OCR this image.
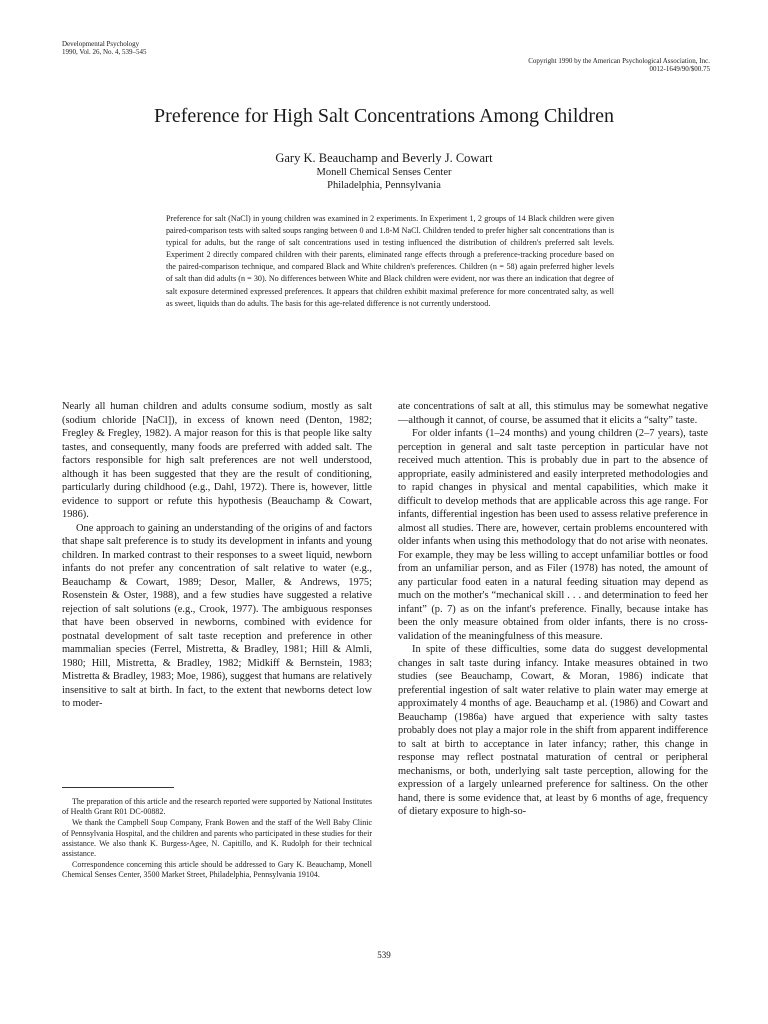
Developmental Psychology
1990, Vol. 26, No. 4, 539–545
Copyright 1990 by the American Psychological Association, Inc.
0012-1649/90/$00.75
Preference for High Salt Concentrations Among Children
Gary K. Beauchamp and Beverly J. Cowart
Monell Chemical Senses Center
Philadelphia, Pennsylvania
Preference for salt (NaCl) in young children was examined in 2 experiments. In Experiment 1, 2 groups of 14 Black children were given paired-comparison tests with salted soups ranging between 0 and 1.8-M NaCl. Children tended to prefer higher salt concentrations than is typical for adults, but the range of salt concentrations used in testing influenced the distribution of children's preferred salt levels. Experiment 2 directly compared children with their parents, eliminated range effects through a preference-tracking procedure based on the paired-comparison technique, and compared Black and White children's preferences. Children (n = 58) again preferred higher levels of salt than did adults (n = 30). No differences between White and Black children were evident, nor was there an indication that degree of salt exposure determined expressed preferences. It appears that children exhibit maximal preference for more concentrated salty, as well as sweet, liquids than do adults. The basis for this age-related difference is not currently understood.

Nearly all human children and adults consume sodium, mostly as salt (sodium chloride [NaCl]), in excess of known need (Denton, 1982; Fregley & Fregley, 1982). A major reason for this is that people like salty tastes, and consequently, many foods are preferred with added salt. The factors responsible for high salt preferences are not well understood, although it has been suggested that they are the result of conditioning, particularly during childhood (e.g., Dahl, 1972). There is, however, little evidence to support or refute this hypothesis (Beauchamp & Cowart, 1986).

One approach to gaining an understanding of the origins of and factors that shape salt preference is to study its development in infants and young children. In marked contrast to their responses to a sweet liquid, newborn infants do not prefer any concentration of salt relative to water (e.g., Beauchamp & Cowart, 1989; Desor, Maller, & Andrews, 1975; Rosenstein & Oster, 1988), and a few studies have suggested a relative rejection of salt solutions (e.g., Crook, 1977). The ambiguous responses that have been observed in newborns, combined with evidence for postnatal development of salt taste reception and preference in other mammalian species (Ferrel, Mistretta, & Bradley, 1981; Hill & Almli, 1980; Hill, Mistretta, & Bradley, 1982; Midkiff & Bernstein, 1983; Mistretta & Bradley, 1983; Moe, 1986), suggest that humans are relatively insensitive to salt at birth. In fact, to the extent that newborns detect low to moder-

ate concentrations of salt at all, this stimulus may be somewhat negative—although it cannot, of course, be assumed that it elicits a “salty” taste.

For older infants (1–24 months) and young children (2–7 years), taste perception in general and salt taste perception in particular have not received much attention. This is probably due in part to the absence of appropriate, easily administered and easily interpreted methodologies and to rapid changes in physical and mental capabilities, which make it difficult to develop methods that are applicable across this age range. For infants, differential ingestion has been used to assess relative preference in almost all studies. There are, however, certain problems encountered with older infants when using this methodology that do not arise with neonates. For example, they may be less willing to accept unfamiliar bottles or food from an unfamiliar person, and as Filer (1978) has noted, the amount of any particular food eaten in a natural feeding situation may depend as much on the mother's “mechanical skill . . . and determination to feed her infant” (p. 7) as on the infant's preference. Finally, because intake has been the only measure obtained from older infants, there is no cross-validation of the meaningfulness of this measure.

In spite of these difficulties, some data do suggest developmental changes in salt taste during infancy. Intake measures obtained in two studies (see Beauchamp, Cowart, & Moran, 1986) indicate that preferential ingestion of salt water relative to plain water may emerge at approximately 4 months of age. Beauchamp et al. (1986) and Cowart and Beauchamp (1986a) have argued that experience with salty tastes probably does not play a major role in the shift from apparent indifference to salt at birth to acceptance in later infancy; rather, this change in response may reflect postnatal maturation of central or peripheral mechanisms, or both, underlying salt taste perception, allowing for the expression of a largely unlearned preference for saltiness. On the other hand, there is some evidence that, at least by 6 months of age, frequency of dietary exposure to high-so-

The preparation of this article and the research reported were supported by National Institutes of Health Grant R01 DC-00882.

We thank the Campbell Soup Company, Frank Bowen and the staff of the Well Baby Clinic of Pennsylvania Hospital, and the children and parents who participated in these studies for their assistance. We also thank K. Burgess-Agee, N. Capitillo, and K. Rudolph for their technical assistance.

Correspondence concerning this article should be addressed to Gary K. Beauchamp, Monell Chemical Senses Center, 3500 Market Street, Philadelphia, Pennsylvania 19104.

539
